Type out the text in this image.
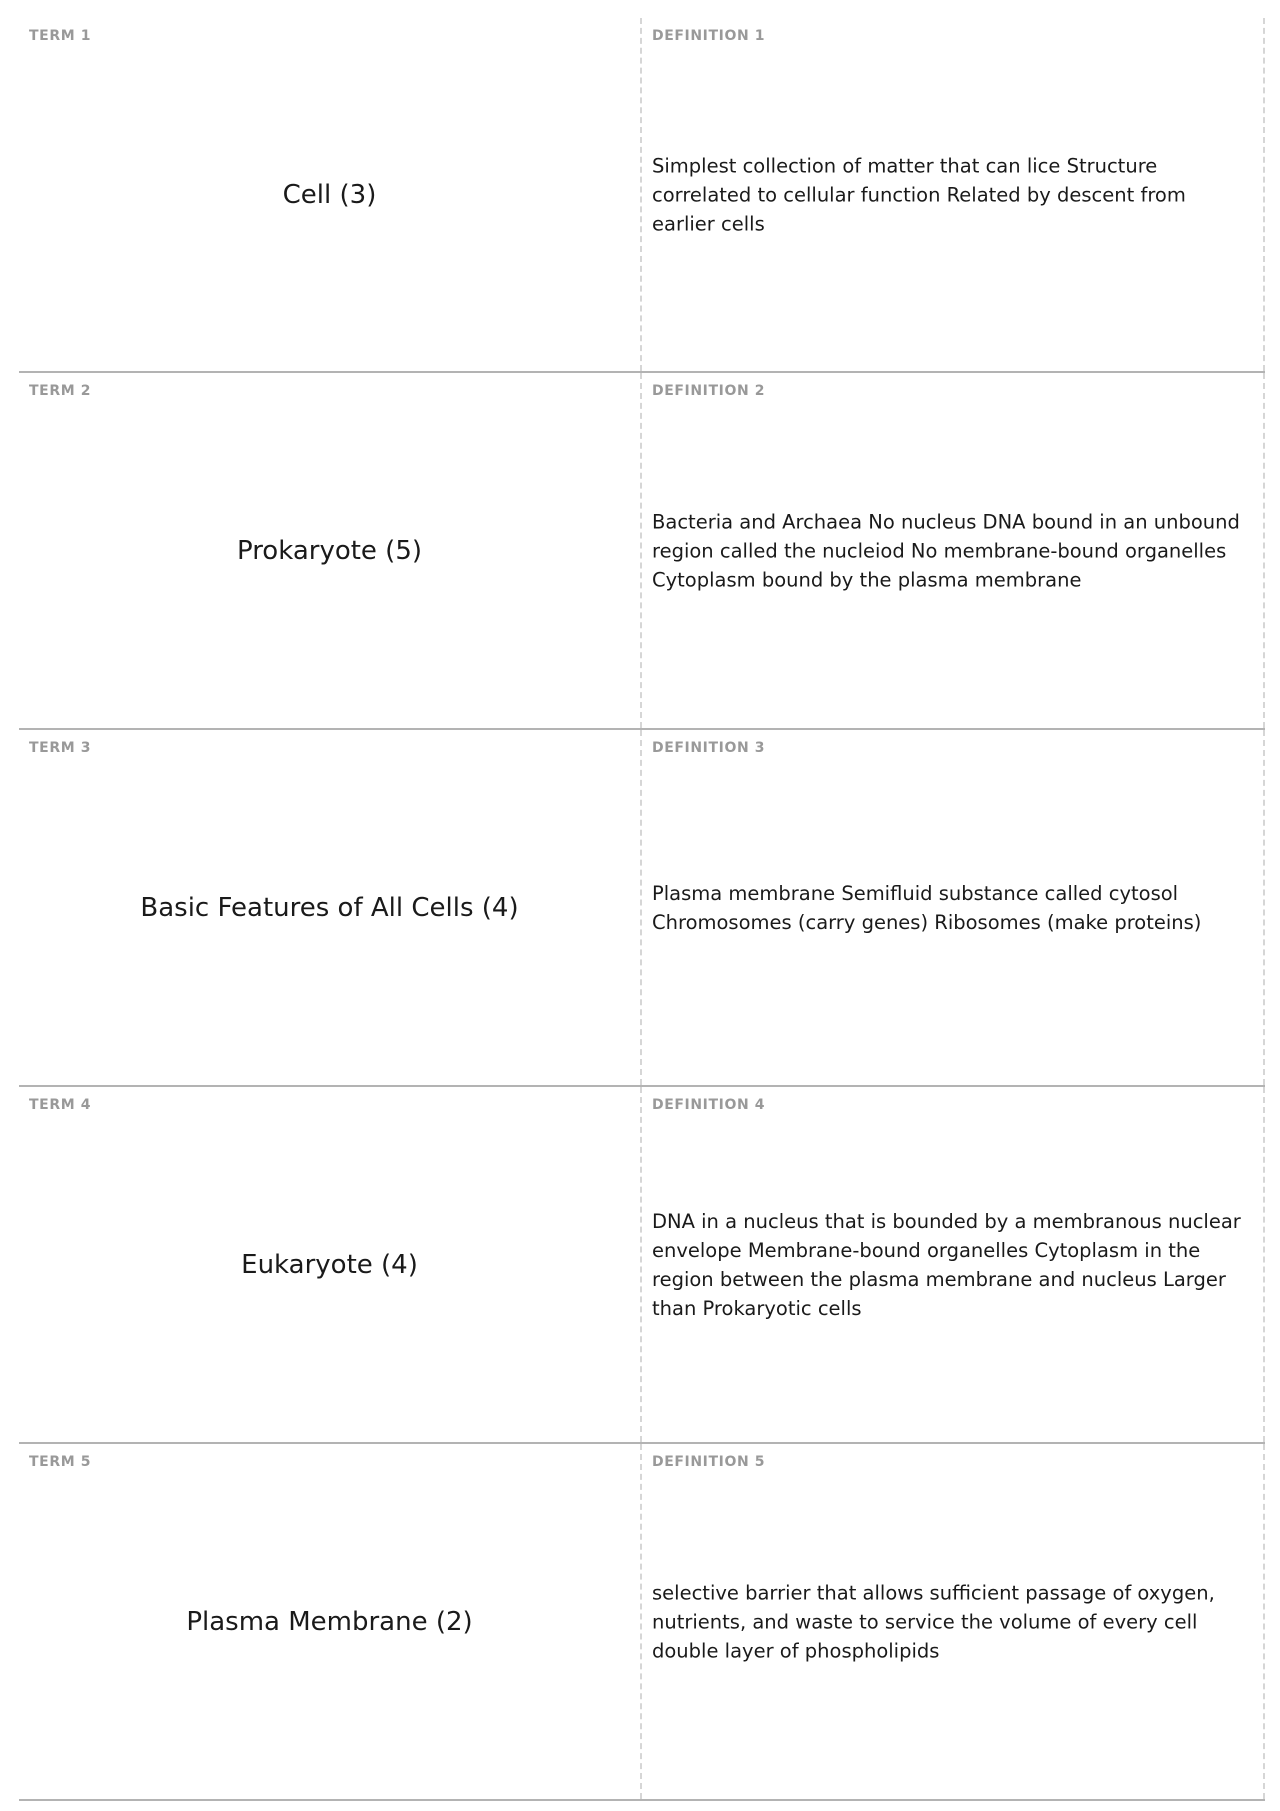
TERM 1
Cell (3)
DEFINITION 1
Simplest collection of matter that can lice Structure correlated to cellular function Related by descent from earlier cells
TERM 2
Prokaryote (5)
DEFINITION 2
Bacteria and Archaea No nucleus DNA bound in an unbound region called the nucleiod No membrane-bound organelles Cytoplasm bound by the plasma membrane
TERM 3
Basic Features of All Cells (4)
DEFINITION 3
Plasma membrane Semifluid substance called cytosol Chromosomes (carry genes) Ribosomes (make proteins)
TERM 4
Eukaryote (4)
DEFINITION 4
DNA in a nucleus that is bounded by a membranous nuclear envelope Membrane-bound organelles Cytoplasm in the region between the plasma membrane and nucleus Larger than Prokaryotic cells
TERM 5
Plasma Membrane (2)
DEFINITION 5
selective barrier that allows sufficient passage of oxygen, nutrients, and waste to service the volume of every cell double layer of phospholipids
